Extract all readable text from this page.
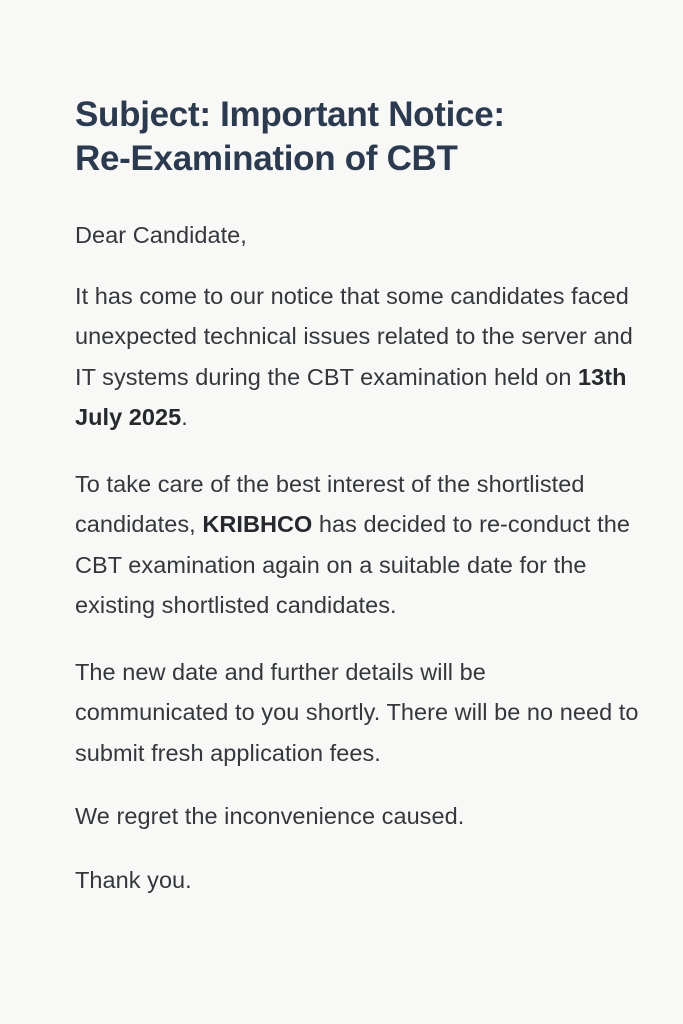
Subject: Important Notice:
Re-Examination of CBT

Dear Candidate,

It has come to our notice that some candidates faced unexpected technical issues related to the server and IT systems during the CBT examination held on 13th July 2025.

To take care of the best interest of the shortlisted candidates, KRIBHCO has decided to re-conduct the CBT examination again on a suitable date for the existing shortlisted candidates.

The new date and further details will be communicated to you shortly. There will be no need to submit fresh application fees.

We regret the inconvenience caused.

Thank you.
